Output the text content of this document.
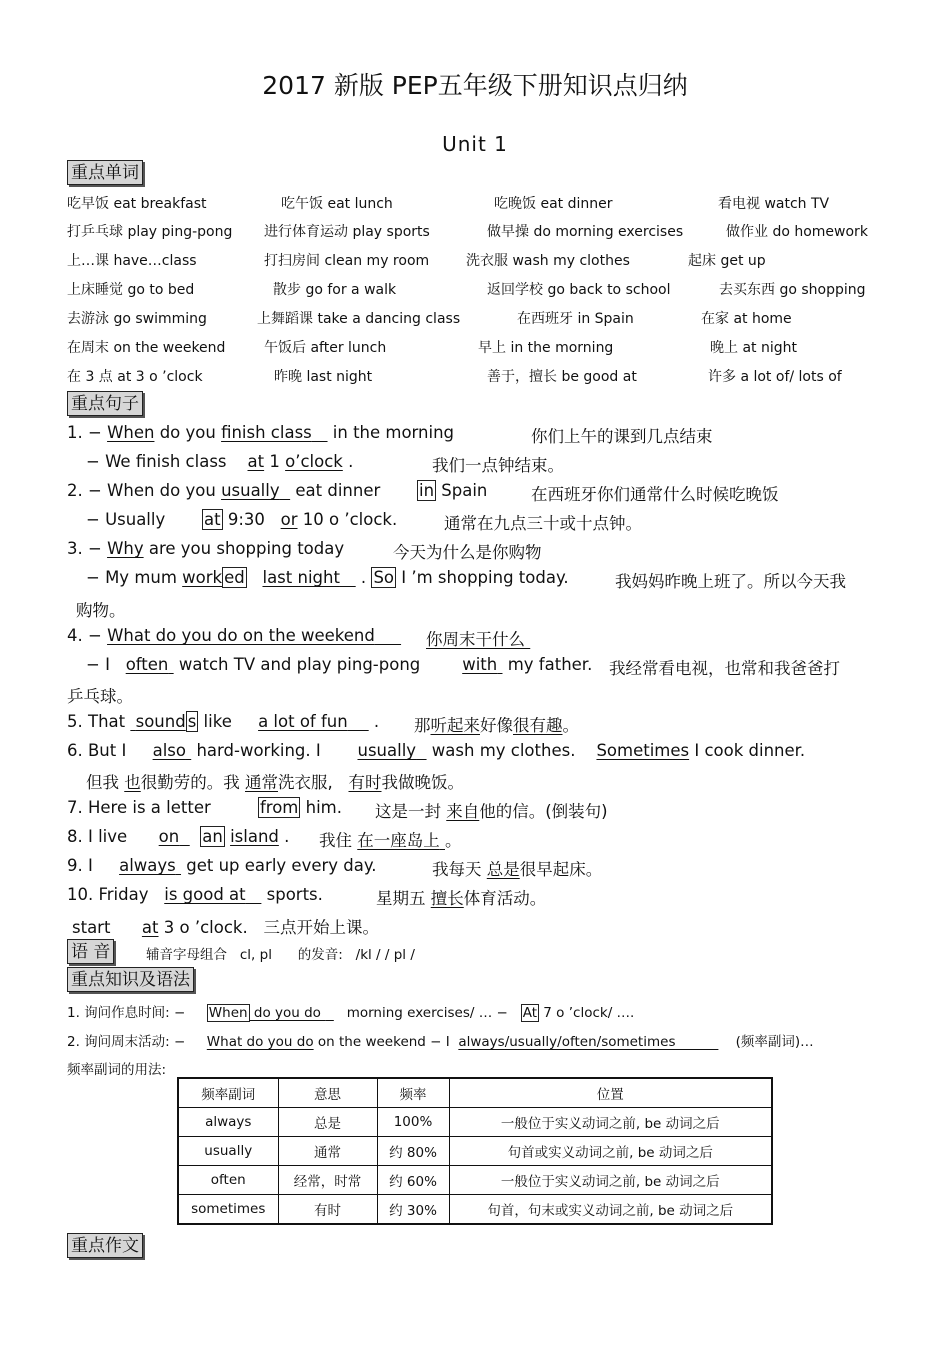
2017 新版 PEP五年级下册知识点归纳
Unit 1
重点单词
吃早饭 eat breakfast	吃午饭 eat lunch	吃晚饭 eat dinner	看电视 watch TV
打乒乓球 play ping-pong 进行体育运动 play sports	做早操 do morning exercises	做作业 do homework
上…课 have…class	打扫房间 clean my room	洗衣服 wash my clothes	起床 get up
上床睡觉 go to bed	散步 go for a walk	返回学校 go back to school	去买东西 go shopping
去游泳 go swimming	上舞蹈课 take a dancing class	在西班牙 in Spain	在家 at home
在周末 on the weekend	午饭后 after lunch	早上 in the morning	晚上 at night
在 3 点 at 3 o ’clock	昨晚 last night	善于，擅长 be good at	许多 a lot of/ lots of
重点句子
1. − When do you finish class    in the morning	你们上午的课到几点结束
− We finish class    at 1 o’clock .	我们一点钟结束。
2. − When do you usually   eat dinner       in Spain	在西班牙你们通常什么时候吃晚饭
− Usually       at 9:30   or 10 o ’clock.	通常在九点三十或十点钟。
3. − Why are you shopping today	今天为什么是你购物
− My mum work ed last night    . So I ’m shopping today.	我妈妈昨晚上班了。所以今天我
购物。
4. − What do you do on the weekend	你周末干什么
− I   often  watch TV and play ping-pong        with  my father. 我经常看电视，也常和我爸爸打
乒乓球。
5. That  sound s like     a lot of fun     . 那听起来好像很有趣。
6. But I     also  hard-working. I       usually   wash my clothes.    Sometimes I cook dinner.
但我 也很勤劳的。我 通常洗衣服,   有时我做晚饭。
7. Here is a letter	from him. 这是一封 来自他的信。(倒装句)
8. I live      on an island . 我住 在一座岛上 。
9. I     always  get up early every day.	我每天 总是很早起床。
10. Friday   is good at    sports.	星期五 擅长体育活动。
start      at 3 o ’clock. 三点开始上课。
语 音	辅音字母组合 cl, pl 的发音: /kl / / pl /
重点知识及语法
1. 询问作息时间: − When do you do      morning exercises/ … −   At 7 o ’clock/ ….
2. 询问周末活动: − What do you do on the weekend − I  always/usually/often/sometimes	(频率副词)…
频率副词的用法:
频率副词	意思	频率	位置
always	总是	100%	一般位于实义动词之前, be 动词之后
usually	通常	约 80%	句首或实义动词之前, be 动词之后
often	经常，时常	约 60%	一般位于实义动词之前, be 动词之后
sometimes	有时	约 30%	句首，句末或实义动词之前, be 动词之后
重点作文
